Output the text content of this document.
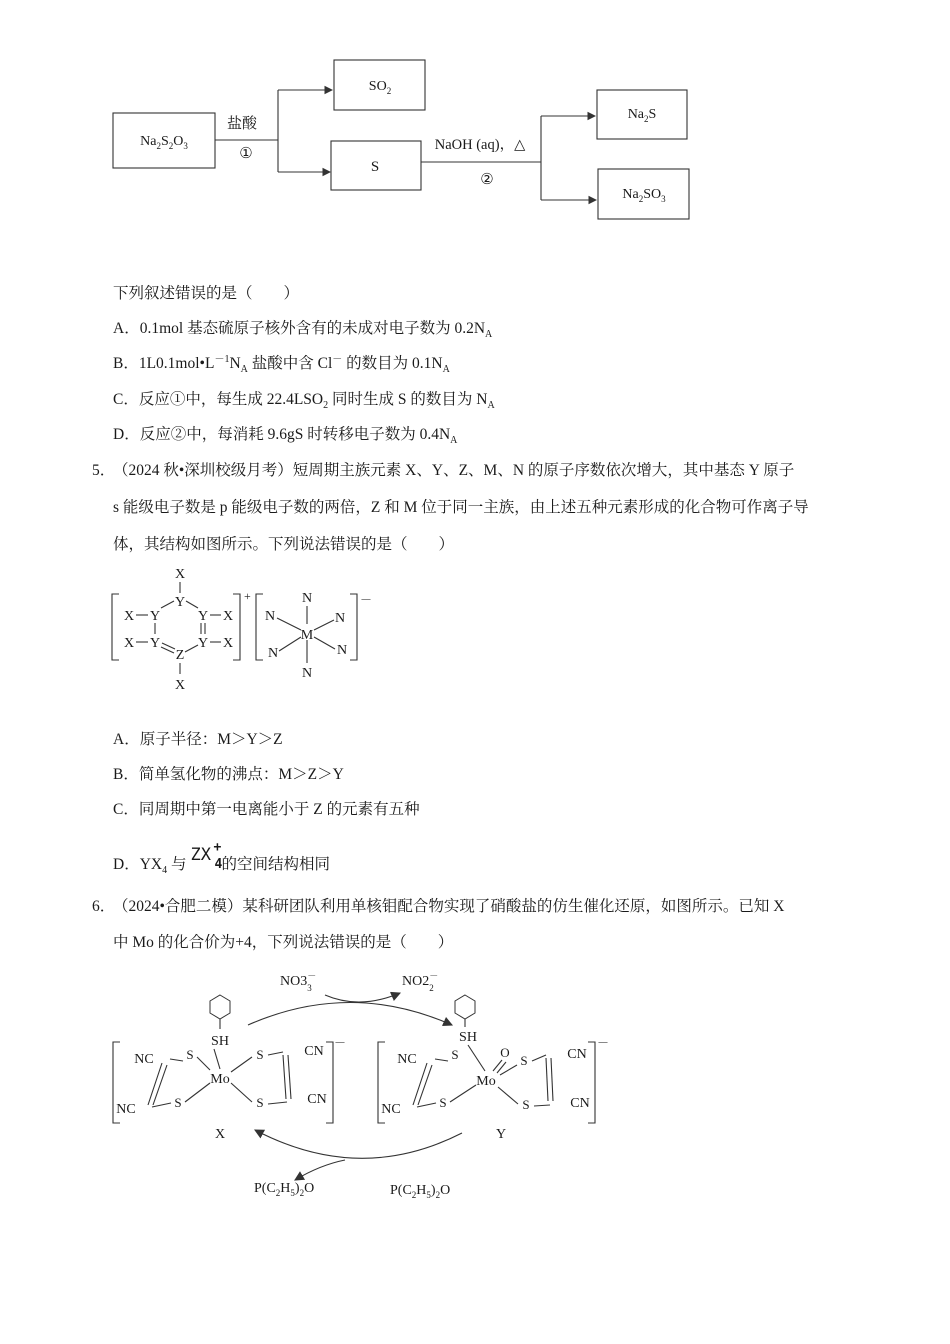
$Na_2S_2O_3$
盐酸
①
$SO_2$
S
NaOH (aq)，△
②
$Na_2S$
$Na_2SO_3$
下列叙述错误的是（　　）
A．0.1mol 基态硫原子核外含有的未成对电子数为 $0.2N_A$
B．$1L0.1mol•L^{-1}N_A$ 盐酸中含 Cl－ 的数目为 $0.1N_A$
C．反应①中，每生成 $22.4LSO_2$ 同时生成 S 的数目为 $N_A$
D．反应②中，每消耗 9.6gS 时转移电子数为 $0.4N_A$
5．
（2024 秋•深圳校级月考）短周期主族元素 X、Y、Z、M、N 的原子序数依次增大，其中基态 Y 原子
s 能级电子数是 p 能级电子数的两倍，Z 和 M 位于同一主族，由上述五种元素形成的化合物可作离子导
体，其结构如图所示。下列说法错误的是（　　）
+
X
Y
Y	Y
Y	Y
Z
X
X
X
X
X
－
M
N
N
N	N
N	N
A．原子半径：M＞Y＞Z
B．简单氢化物的沸点：M＞Z＞Y
C．同周期中第一电离能小于 Z 的元素有五种
D．$YX_4$ 与 ZX +
4 的空间结构相同
6．
（2024•合肥二模）某科研团队利用单核钼配合物实现了硝酸盐的仿生催化还原，如图所示。已知 X
中 Mo 的化合价为+4，下列说法错误的是（　　）
NO3－ 3	NO2－ 2
$P(C_2H_5)_2O$	$P(C_2H_5)_2O$
－
SH
Mo
S
S
S
S
NC
NC
CN
CN
X
－
SH
Mo
O
S
S
S
S
NC
NC
CN
CN
Y
